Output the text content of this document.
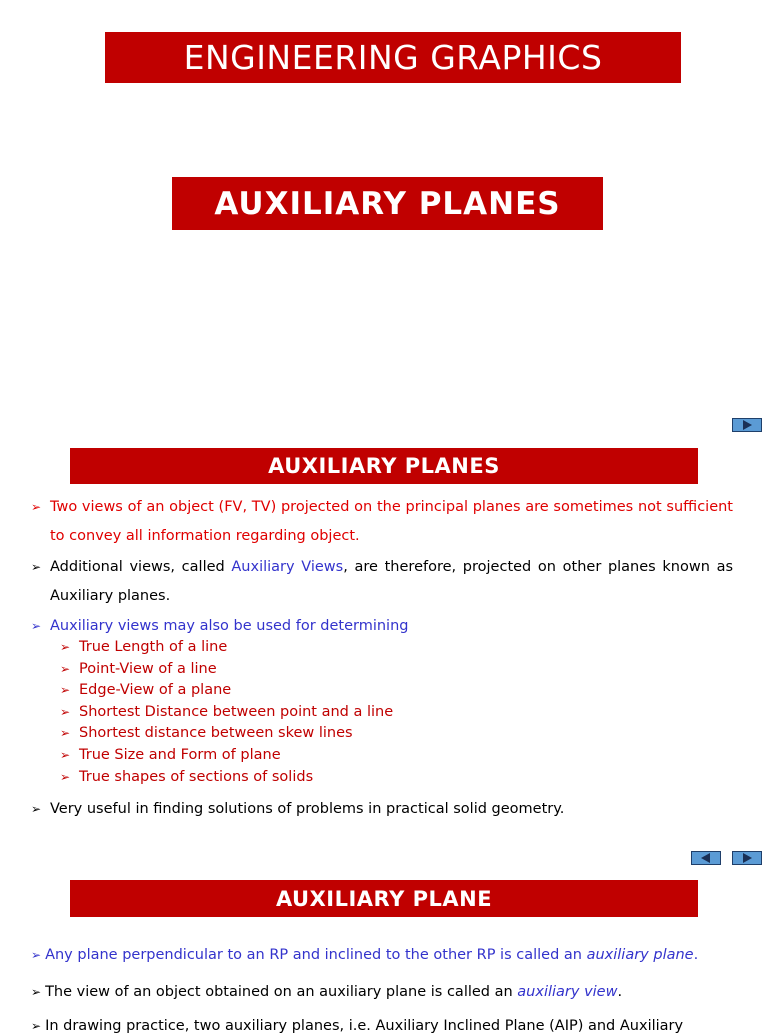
ENGINEERING GRAPHICS
AUXILIARY PLANES
AUXILIARY PLANES
➢ Two views of an object (FV, TV) projected on the principal planes are sometimes not sufficient to convey all information regarding object.
➢ Additional views, called Auxiliary Views, are therefore, projected on other planes known as Auxiliary planes.
➢ Auxiliary views may also be used for determining
➢ True Length of a line
➢ Point-View of a line
➢ Edge-View of a plane
➢ Shortest Distance between point and a line
➢ Shortest distance between skew lines
➢ True Size and Form of plane
➢ True shapes of sections of solids
➢ Very useful in finding solutions of problems in practical solid geometry.
AUXILIARY PLANE
➢ Any plane perpendicular to an RP and inclined to the other RP is called an auxiliary plane.
➢ The view of an object obtained on an auxiliary plane is called an auxiliary view.
➢ In drawing practice, two auxiliary planes, i.e. Auxiliary Inclined Plane (AIP) and Auxiliary
